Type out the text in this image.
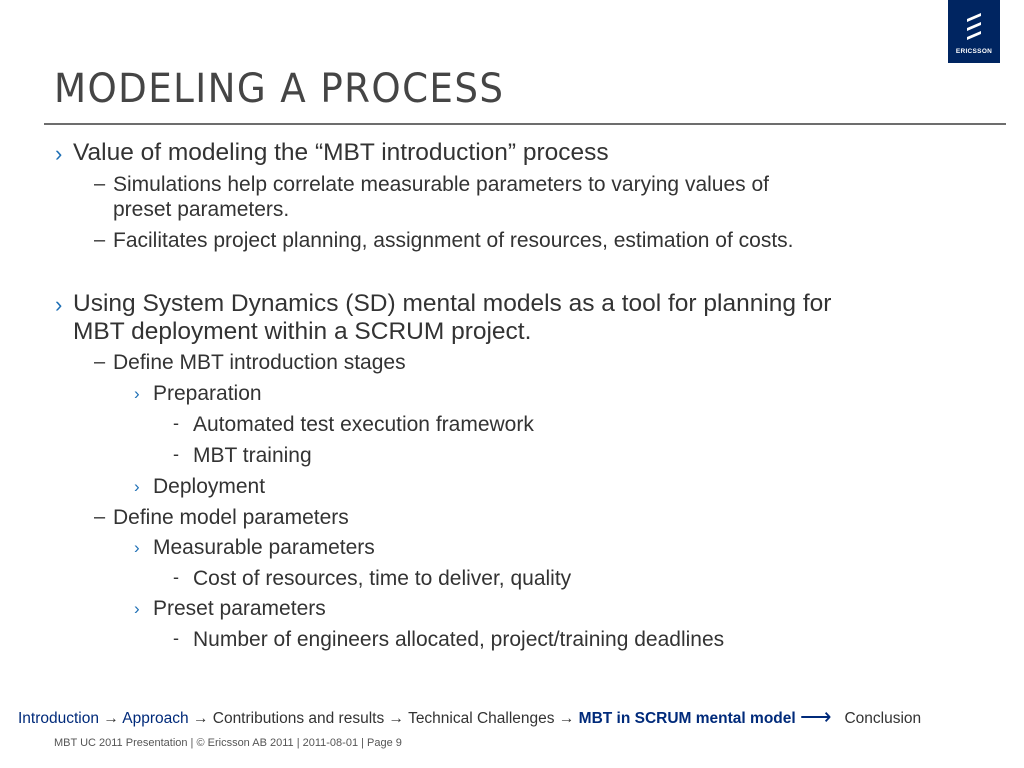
ERICSSON
MODELING A PROCESS
› Value of modeling the “MBT introduction” process
– Simulations help correlate measurable parameters to varying values of
preset parameters.
– Facilitates project planning, assignment of resources, estimation of costs.
› Using System Dynamics (SD) mental models as a tool for planning for
MBT deployment within a SCRUM project.
– Define MBT introduction stages
› Preparation
- Automated test execution framework
- MBT training
› Deployment
– Define model parameters
› Measurable parameters
- Cost of resources, time to deliver, quality
› Preset parameters
- Number of engineers allocated, project/training deadlines
Introduction → Approach → Contributions and results → Technical Challenges → MBT in SCRUM mental model ⟶ Conclusion
MBT UC 2011 Presentation | © Ericsson AB 2011 | 2011-08-01 | Page 9
